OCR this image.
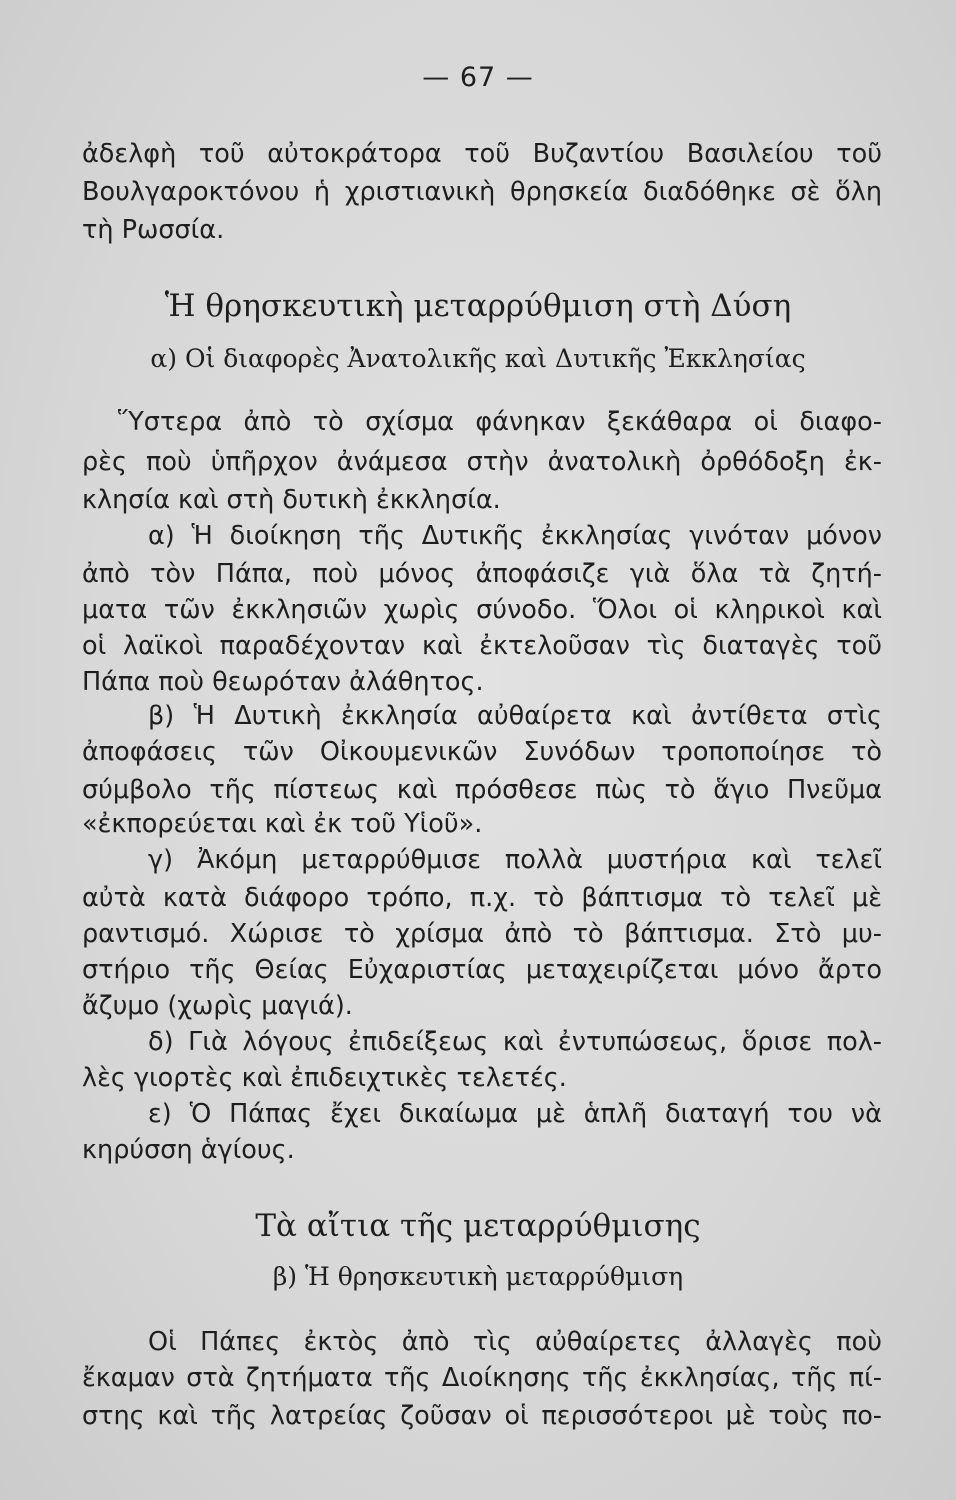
— 67 —
ἀδελφὴ τοῦ αὐτοκράτορα τοῦ Βυζαντίου Βασιλείου τοῦ
Βουλγαροκτόνου ἡ χριστιανικὴ θρησκεία διαδόθηκε σὲ ὅλη
τὴ Ρωσσία.
Ἡ θρησκευτικὴ μεταρρύθμιση στὴ Δύση
α) Οἱ διαφορὲς Ἀνατολικῆς καὶ Δυτικῆς Ἐκκλησίας
Ὕστερα ἀπὸ τὸ σχίσμα φάνηκαν ξεκάθαρα οἱ διαφο-
ρὲς ποὺ ὑπῆρχον ἀνάμεσα στὴν ἀνατολικὴ ὀρθόδοξη ἐκ-
κλησία καὶ στὴ δυτικὴ ἐκκλησία.
α) Ἡ διοίκηση τῆς Δυτικῆς ἐκκλησίας γινόταν μόνον
ἀπὸ τὸν Πάπα, ποὺ μόνος ἀποφάσιζε γιὰ ὅλα τὰ ζητή-
ματα τῶν ἐκκλησιῶν χωρὶς σύνοδο. Ὅλοι οἱ κληρικοὶ καὶ
οἱ λαϊκοὶ παραδέχονταν καὶ ἐκτελοῦσαν τὶς διαταγὲς τοῦ
Πάπα ποὺ θεωρόταν ἀλάθητος.
β) Ἡ Δυτικὴ ἐκκλησία αὐθαίρετα καὶ ἀντίθετα στὶς
ἀποφάσεις τῶν Οἰκουμενικῶν Συνόδων τροποποίησε τὸ
σύμβολο τῆς πίστεως καὶ πρόσθεσε πὼς τὸ ἅγιο Πνεῦμα
«ἐκπορεύεται καὶ ἐκ τοῦ Υἱοῦ».
γ) Ἀκόμη μεταρρύθμισε πολλὰ μυστήρια καὶ τελεῖ
αὐτὰ κατὰ διάφορο τρόπο, π.χ. τὸ βάπτισμα τὸ τελεῖ μὲ
ραντισμό. Χώρισε τὸ χρίσμα ἀπὸ τὸ βάπτισμα. Στὸ μυ-
στήριο τῆς Θείας Εὐχαριστίας μεταχειρίζεται μόνο ἄρτο
ἄζυμο (χωρὶς μαγιά).
δ) Γιὰ λόγους ἐπιδείξεως καὶ ἐντυπώσεως, ὅρισε πολ-
λὲς γιορτὲς καὶ ἐπιδειχτικὲς τελετές.
ε) Ὁ Πάπας ἔχει δικαίωμα μὲ ἁπλῆ διαταγή του νὰ
κηρύσση ἁγίους.
Τὰ αἴτια τῆς μεταρρύθμισης
β) Ἡ θρησκευτικὴ μεταρρύθμιση
Οἱ Πάπες ἐκτὸς ἀπὸ τὶς αὐθαίρετες ἀλλαγὲς ποὺ
ἔκαμαν στὰ ζητήματα τῆς Διοίκησης τῆς ἐκκλησίας, τῆς πί-
στης καὶ τῆς λατρείας ζοῦσαν οἱ περισσότεροι μὲ τοὺς πο-
